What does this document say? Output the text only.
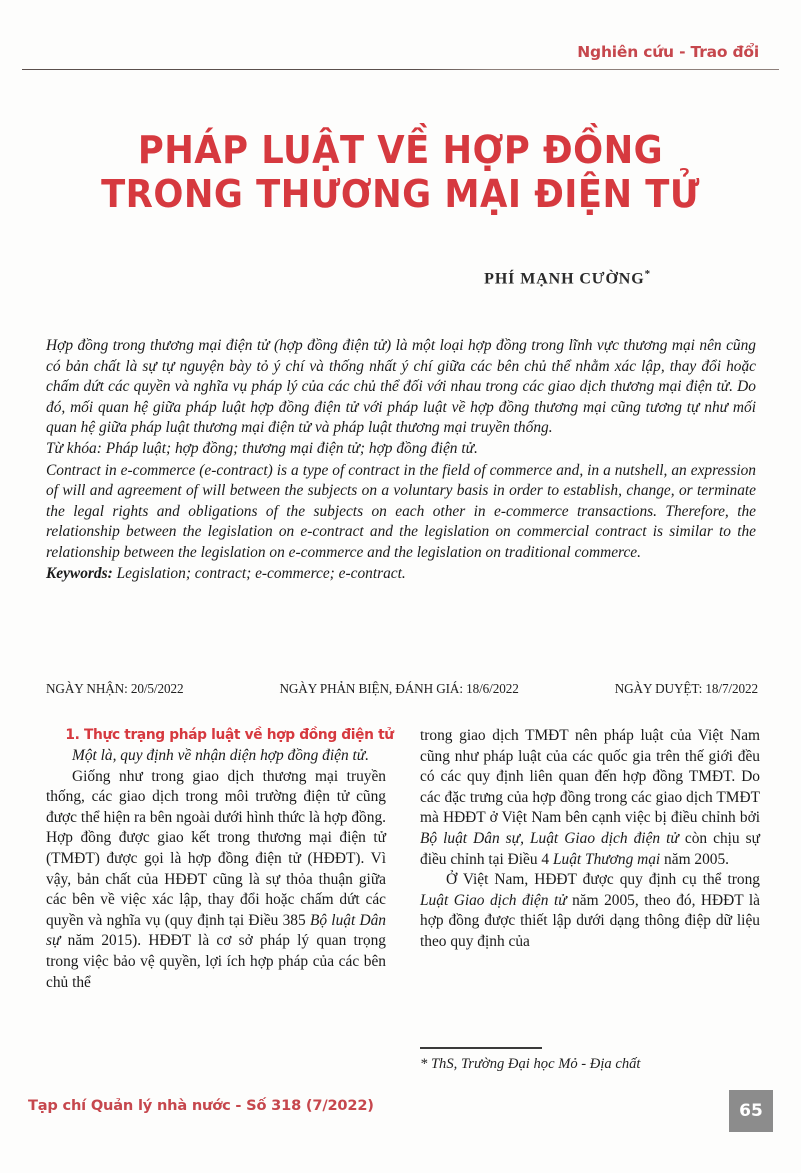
Nghiên cứu - Trao đổi
PHÁP LUẬT VỀ HỢP ĐỒNG
TRONG THƯƠNG MẠI ĐIỆN TỬ
PHÍ MẠNH CƯỜNG*

Hợp đồng trong thương mại điện tử (hợp đồng điện tử) là một loại hợp đồng trong lĩnh vực thương mại nên cũng có bản chất là sự tự nguyện bày tỏ ý chí và thống nhất ý chí giữa các bên chủ thể nhằm xác lập, thay đổi hoặc chấm dứt các quyền và nghĩa vụ pháp lý của các chủ thể đối với nhau trong các giao dịch thương mại điện tử. Do đó, mối quan hệ giữa pháp luật hợp đồng điện tử với pháp luật về hợp đồng thương mại cũng tương tự như mối quan hệ giữa pháp luật thương mại điện tử và pháp luật thương mại truyền thống.

Từ khóa: Pháp luật; hợp đồng; thương mại điện tử; hợp đồng điện tử.

Contract in e-commerce (e-contract) is a type of contract in the field of commerce and, in a nutshell, an expression of will and agreement of will between the subjects on a voluntary basis in order to establish, change, or terminate the legal rights and obligations of the subjects on each other in e-commerce transactions. Therefore, the relationship between the legislation on e-contract and the legislation on commercial contract is similar to the relationship between the legislation on e-commerce and the legislation on traditional commerce.

Keywords: Legislation; contract; e-commerce; e-contract.

NGÀY NHẬN: 20/5/2022	NGÀY PHẢN BIỆN, ĐÁNH GIÁ: 18/6/2022	NGÀY DUYỆT: 18/7/2022
1. Thực trạng pháp luật về hợp đồng điện tử

Một là, quy định về nhận diện hợp đồng điện tử.

Giống như trong giao dịch thương mại truyền thống, các giao dịch trong môi trường điện tử cũng được thể hiện ra bên ngoài dưới hình thức là hợp đồng. Hợp đồng được giao kết trong thương mại điện tử (TMĐT) được gọi là hợp đồng điện tử (HĐĐT). Vì vậy, bản chất của HĐĐT cũng là sự thỏa thuận giữa các bên về việc xác lập, thay đổi hoặc chấm dứt các quyền và nghĩa vụ (quy định tại Điều 385 Bộ luật Dân sự năm 2015). HĐĐT là cơ sở pháp lý quan trọng trong việc bảo vệ quyền, lợi ích hợp pháp của các bên chủ thể

trong giao dịch TMĐT nên pháp luật của Việt Nam cũng như pháp luật của các quốc gia trên thế giới đều có các quy định liên quan đến hợp đồng TMĐT. Do các đặc trưng của hợp đồng trong các giao dịch TMĐT mà HĐĐT ở Việt Nam bên cạnh việc bị điều chỉnh bởi Bộ luật Dân sự, Luật Giao dịch điện tử còn chịu sự điều chỉnh tại Điều 4 Luật Thương mại năm 2005.

Ở Việt Nam, HĐĐT được quy định cụ thể trong Luật Giao dịch điện tử năm 2005, theo đó, HĐĐT là hợp đồng được thiết lập dưới dạng thông điệp dữ liệu theo quy định của

* ThS, Trường Đại học Mỏ - Địa chất
Tạp chí Quản lý nhà nước - Số 318 (7/2022)	65
